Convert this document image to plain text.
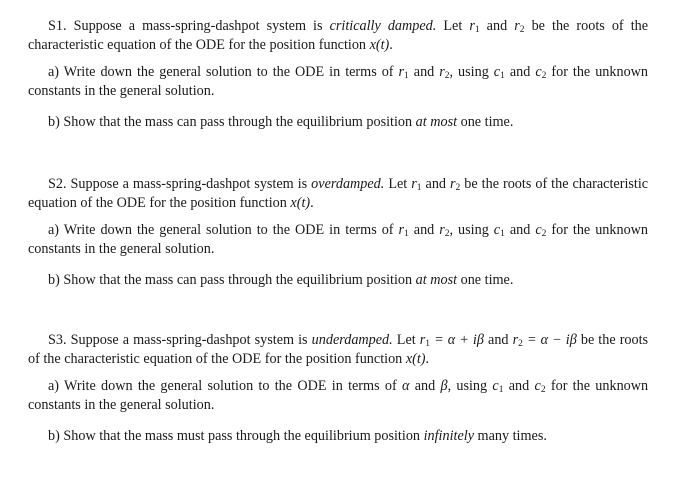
S1. Suppose a mass-spring-dashpot system is critically damped. Let $r_1$ and $r_2$ be the roots of the characteristic equation of the ODE for the position function x(t).

a) Write down the general solution to the ODE in terms of $r_1$ and $r_2$, using $c_1$ and $c_2$ for the unknown constants in the general solution.

b) Show that the mass can pass through the equilibrium position at most one time.

S2. Suppose a mass-spring-dashpot system is overdamped. Let $r_1$ and $r_2$ be the roots of the characteristic equation of the ODE for the position function x(t).

a) Write down the general solution to the ODE in terms of $r_1$ and $r_2$, using $c_1$ and $c_2$ for the unknown constants in the general solution.

b) Show that the mass can pass through the equilibrium position at most one time.

S3. Suppose a mass-spring-dashpot system is underdamped. Let $r_1 = \alpha + i\beta$ and $r_2 = \alpha - i\beta$ be the roots of the characteristic equation of the ODE for the position function x(t).

a) Write down the general solution to the ODE in terms of α and β, using $c_1$ and $c_2$ for the unknown constants in the general solution.

b) Show that the mass must pass through the equilibrium position infinitely many times.
